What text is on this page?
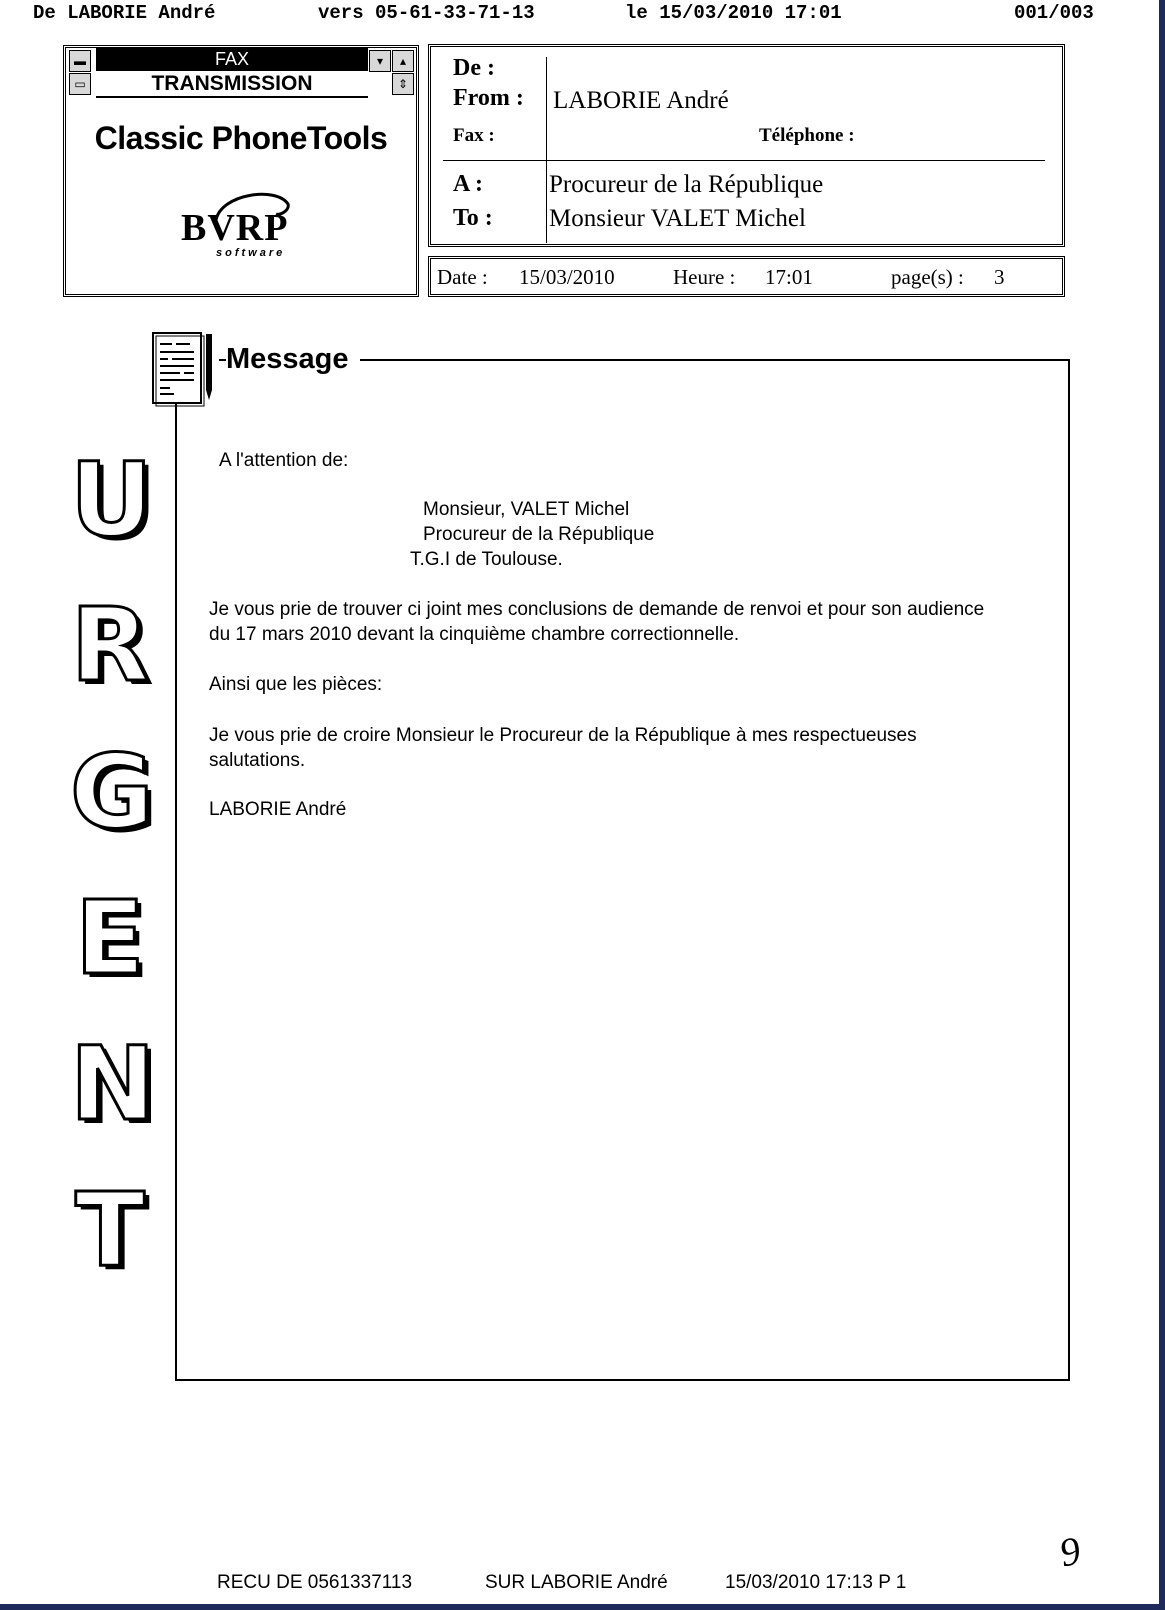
De LABORIE André	vers 05-61-33-71-13	le 15/03/2010 17:01	001/003
▬
▭
FAX
TRANSMISSION
▾	▴
⇕
Classic PhoneTools
BVRP
software
De :
From : LABORIE André
Fax :	Téléphone :
A :	Procureur de la République
To : Monsieur VALET Michel
Date : 15/03/2010	Heure : 17:01	page(s) : 3
Message
A l'attention de:
Monsieur, VALET Michel
Procureur de la République
T.G.I de Toulouse.
Je vous prie de trouver ci joint mes conclusions de demande de renvoi et pour son audience
du 17 mars 2010 devant la cinquième chambre correctionnelle.
Ainsi que les pièces:
Je vous prie de croire Monsieur le Procureur de la République à mes respectueuses
salutations.
LABORIE André
U
R
G
E
N
T
9
RECU DE 0561337113	SUR LABORIE André	15/03/2010 17:13 P 1
